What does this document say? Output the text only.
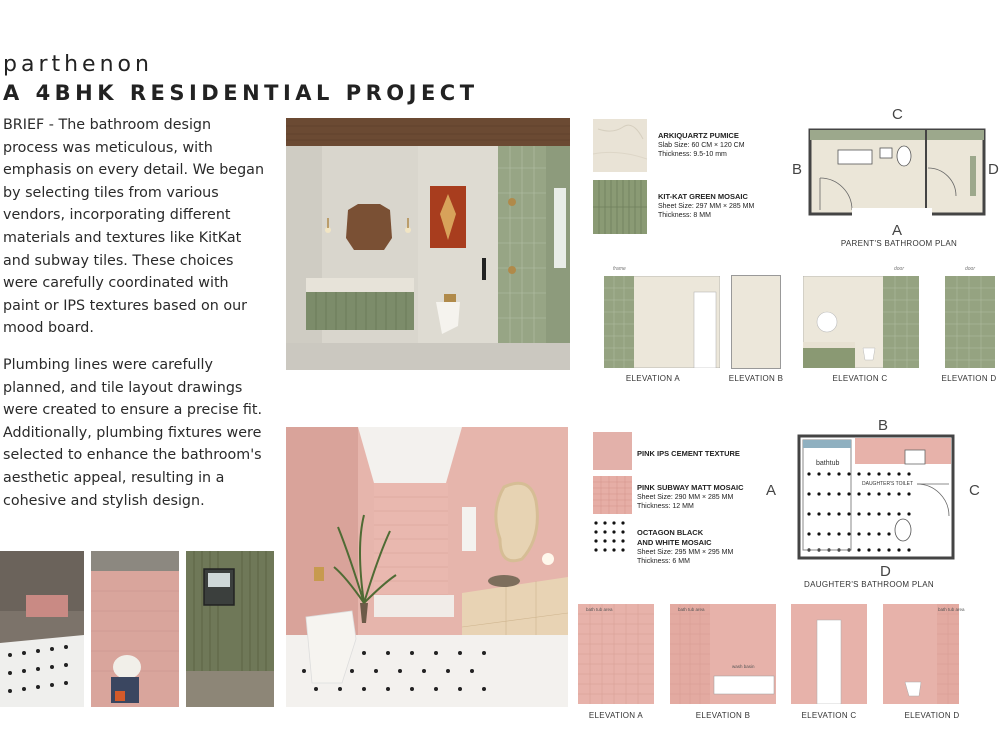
parthenon
A 4BHK RESIDENTIAL PROJECT

BRIEF - The bathroom design process was meticulous, with emphasis on every detail. We began by selecting tiles from various vendors, incorporating different materials and textures like KitKat and subway tiles. These choices were carefully coordinated with paint or IPS textures based on our mood board.

Plumbing lines were carefully planned, and tile layout drawings were created to ensure a precise fit. Additionally, plumbing fixtures were selected to enhance the bathroom's aesthetic appeal, resulting in a cohesive and stylish design.

ARKIQUARTZ PUMICE
Slab Size: 60 CM × 120 CM
Thickness: 9.5-10 mm
KIT-KAT GREEN MOSAIC
Sheet Size: 297 MM × 285 MM
Thickness: 8 MM
C
B	D
A
PARENT'S BATHROOM PLAN
ELEVATION A	ELEVATION B	ELEVATION C	ELEVATION D
frame	door	door
PINK IPS CEMENT TEXTURE
PINK SUBWAY MATT MOSAIC
Sheet Size: 290 MM × 285 MM
Thickness: 12 MM
OCTAGON BLACK
AND WHITE MOSAIC
Sheet Size: 295 MM × 295 MM
Thickness: 6 MM
B
A	C
D
bathtub
DAUGHTER'S TOILET
DAUGHTER'S BATHROOM PLAN
bath tub area	bath tub area
wash basin
bath tub area
ELEVATION A	ELEVATION B	ELEVATION C	ELEVATION D
